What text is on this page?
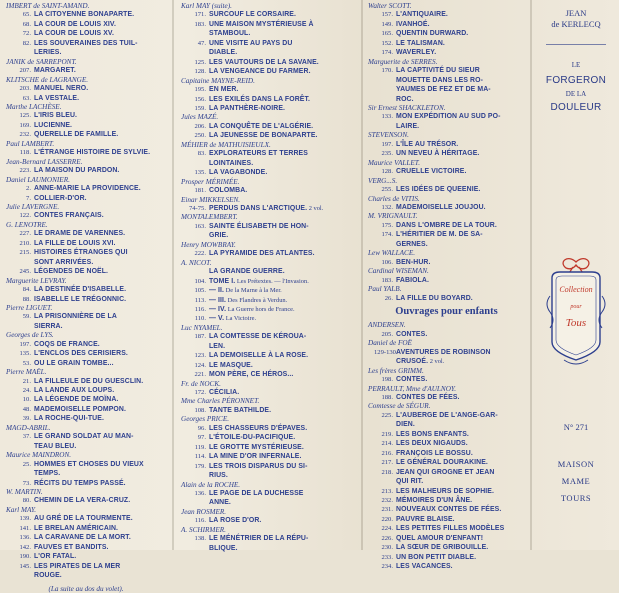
IMBERT de SAINT-AMAND.
65. LA CITOYENNE BONAPARTE.
68. LA COUR DE LOUIS XIV.
72. LA COUR DE LOUIS XV.
82. LES SOUVERAINES DES TUIL-
LERIES.
JANIK de SARREPONT.
207. MARGARET.
KLITSCHE de LAGRANGE.
203. MANUEL NERO.
63. LA VESTALE.
Marthe LACHÈSE.
125. L'IRIS BLEU.
169. LUCIENNE.
232. QUERELLE DE FAMILLE.
Paul LAMBERT.
118. L'ÉTRANGE HISTOIRE DE SYLVIE.
Jean-Bernard LASSERRE.
223. LA MAISON DU PARDON.
Daniel LAUMONIER.
2. ANNE-MARIE LA PROVIDENCE.
7. COLLIER-D'OR.
Julie LAVERGNE.
122. CONTES FRANÇAIS.
G. LENOTRE.
227. LE DRAME DE VARENNES.
210. LA FILLE DE LOUIS XVI.
215. HISTOIRES ÉTRANGES QUI
SONT ARRIVÉES.
245. LÉGENDES DE NOËL.
Marguerite LEVRAY.
84. LA DESTINÉE D'ISABELLE.
88. ISABELLE LE TRÉGONNIC.
Pierre LIGUET.
59. LA PRISONNIÈRE DE LA
SIERRA.
Georges de LYS.
197. COQS DE FRANCE.
135. L'ENCLOS DES CERISIERS.
53. OU LE GRAIN TOMBE...
Pierre MAËL.
21. LA FILLEULE DE DU GUESCLIN.
24. LA LANDE AUX LOUPS.
10. LA LÉGENDE DE MOÏNA.
48. MADEMOISELLE POMPON.
39. LA ROCHE-QUI-TUE.
MAGD-ABRIL.
37. LE GRAND SOLDAT AU MAN-
TEAU BLEU.
Maurice MAINDRON.
25. HOMMES ET CHOSES DU VIEUX
TEMPS.
73. RÉCITS DU TEMPS PASSÉ.
W. MARTIN.
80. CHEMIN DE LA VERA-CRUZ.
Karl MAY.
139. AU GRÉ DE LA TOURMENTE.
141. LE BRELAN AMÉRICAIN.
136. LA CARAVANE DE LA MORT.
142. FAUVES ET BANDITS.
190. L'OR FATAL.
145. LES PIRATES DE LA MER
ROUGE.
(La suite au dos du volet).
Karl MAY (suite).
171. SURCOUF LE CORSAIRE.
183. UNE MAISON MYSTÉRIEUSE À
STAMBOUL.
47. UNE VISITE AU PAYS DU
DIABLE.
125. LES VAUTOURS DE LA SAVANE.
128. LA VENGEANCE DU FARMER.
Capitaine MAYNE-REID.
195. EN MER.
156. LES EXILÉS DANS LA FORÊT.
159. LA PANTHÈRE-NOIRE.
Jules MAZÉ.
206. LA CONQUÊTE DE L'ALGÉRIE.
250. LA JEUNESSE DE BONAPARTE.
MÉHIER de MATHUISIEULX.
83. EXPLORATEURS ET TERRES
LOINTAINES.
135. LA VAGABONDE.
Prosper MÉRIMÉE.
181. COLOMBA.
Einar MIKKELSEN.
74-75. PERDUS DANS L'ARCTIQUE. 2 vol.
MONTALEMBERT.
163. SAINTE ÉLISABETH DE HON-
GRIE.
Henry MOWBRAY.
222. LA PYRAMIDE DES ATLANTES.
A. NICOT.
LA GRANDE GUERRE.
104. TOME I. Les Prétextes. — l'Invasion.
105. — II. De la Marne à la Mer.
113. — III. Des Flandres à Verdun.
116. — IV. La Guerre hors de France.
110. — V. La Victoire.
Luc NYAMEL.
187. LA COMTESSE DE KÉROUA-
LEN.
123. LA DEMOISELLE À LA ROSE.
124. LE MASQUE.
221. MON PÈRE, CE HÉROS...
Fr. de NOCK.
172. CÉCILIA.
Mme Charles PÉRONNET.
108. TANTE BATHILDE.
Georges PRICE.
96. LES CHASSEURS D'ÉPAVES.
97. L'ÉTOILE-DU-PACIFIQUE.
119. LE GROTTE MYSTÉRIEUSE.
114. LA MINE D'OR INFERNALE.
179. LES TROIS DISPARUS DU SI-
RIUS.
Alain de la ROCHE.
136. LE PAGE DE LA DUCHESSE
ANNE.
Jean ROSMER.
116. LA ROSE D'OR.
A. SCHIRMER.
138. LE MÉNÉTRIER DE LA RÉPU-
BLIQUE.
Walter SCOTT.
157. L'ANTIQUAIRE.
149. IVANHOÉ.
165. QUENTIN DURWARD.
152. LE TALISMAN.
174. WAVERLEY.
Marguerite de SERRES.
170. LA CAPTIVITÉ DU SIEUR
MOUETTE DANS LES RO-
YAUMES DE FEZ ET DE MA-
ROC.
Sir Ernest SHACKLETON.
133. MON EXPÉDITION AU SUD PO-
LAIRE.
STEVENSON.
197. L'ÎLE AU TRÉSOR.
235. UN NEVEU À HÉRITAGE.
Maurice VALLET.
128. CRUELLE VICTOIRE.
VERG...S.
255. LES IDÉES DE QUEENIE.
Charles de VITIS.
132. MADEMOISELLE JOUJOU.
M. VRIGNAULT.
175. DANS L'OMBRE DE LA TOUR.
174. L'HÉRITIER DE M. DE SA-
GERNES.
Lew WALLACE.
106. BEN-HUR.
Cardinal WISEMAN.
183. FABIOLA.
Paul YALB.
26. LA FILLE DU BOYARD.
Ouvrages pour enfants
ANDERSEN.
205. CONTES.
Daniel de FOË
129-130.AVENTURES DE ROBINSON
CRUSOÉ. 2 vol.
Les frères GRIMM.
198. CONTES.
PERRAULT, Mme d'AULNOY.
188. CONTES DE FÉES.
Comtesse de SÉGUR.
225. L'AUBERGE DE L'ANGE-GAR-
DIEN.
219. LES BONS ENFANTS.
214. LES DEUX NIGAUDS.
216. FRANÇOIS LE BOSSU.
217. LE GÉNÉRAL DOURAKINE.
218. JEAN QUI GROGNE ET JEAN
QUI RIT.
213. LES MALHEURS DE SOPHIE.
232. MÉMOIRES D'UN ÂNE.
231. NOUVEAUX CONTES DE FÉES.
220. PAUVRE BLAISE.
224. LES PETITES FILLES MODÈLES
226. QUEL AMOUR D'ENFANT!
230. LA SŒUR DE GRIBOUILLE.
233. UN BON PETIT DIABLE.
234. LES VACANCES.
JEAN
de KERLECQ
LE
FORGERON
DE LA
DOULEUR
Collection
pour
Tous
N° 271
MAISON
MAME
TOURS
